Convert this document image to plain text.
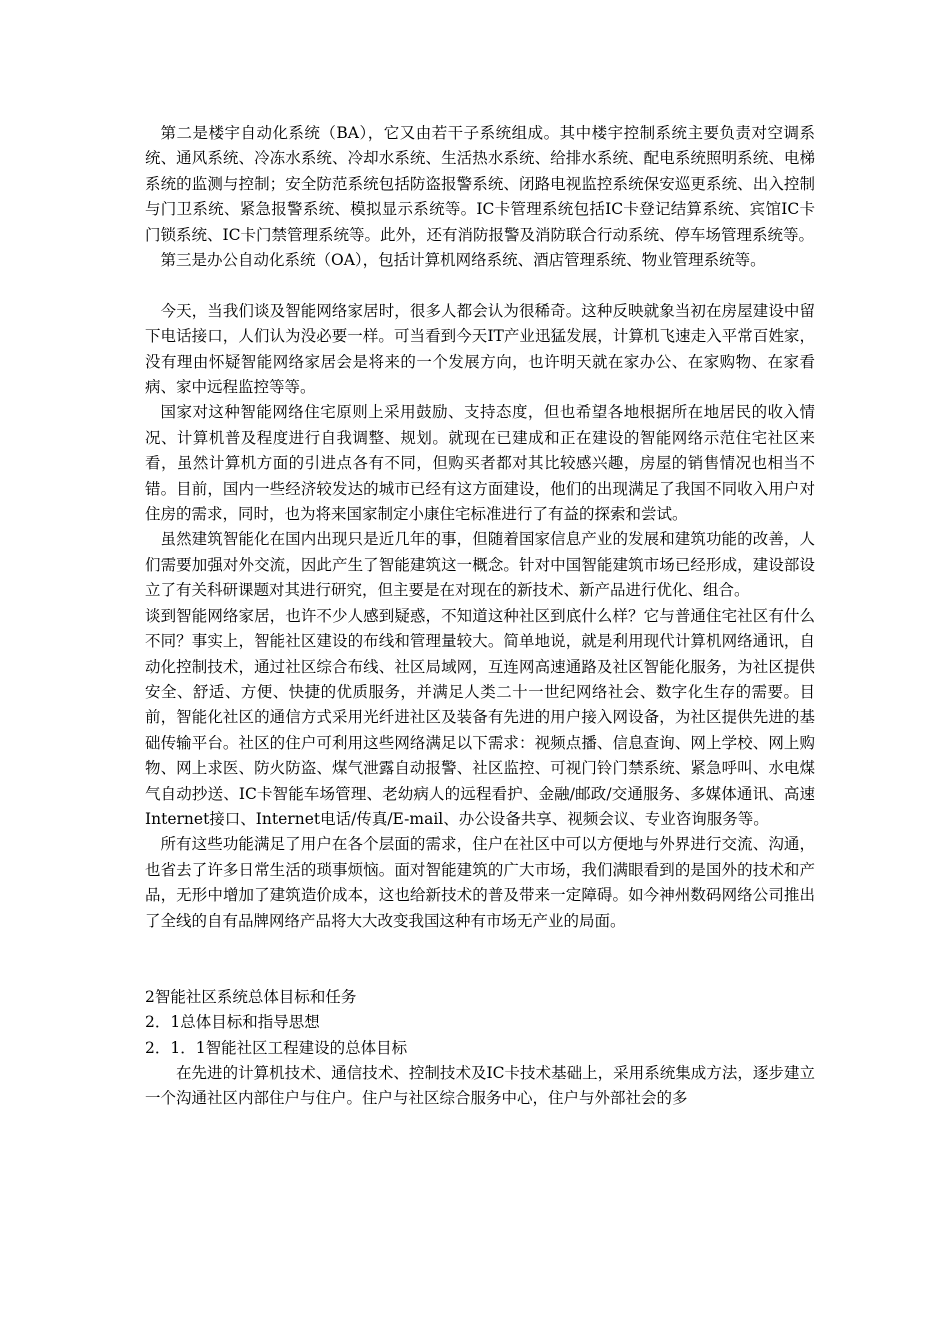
第二是楼宇自动化系统（BA），它又由若干子系统组成。其中楼宇控制系统主要负责对空调系统、通风系统、冷冻水系统、冷却水系统、生活热水系统、给排水系统、配电系统照明系统、电梯系统的监测与控制；安全防范系统包括防盗报警系统、闭路电视监控系统保安巡更系统、出入控制与门卫系统、紧急报警系统、模拟显示系统等。IC卡管理系统包括IC卡登记结算系统、宾馆IC卡门锁系统、IC卡门禁管理系统等。此外，还有消防报警及消防联合行动系统、停车场管理系统等。

第三是办公自动化系统（OA），包括计算机网络系统、酒店管理系统、物业管理系统等。

今天，当我们谈及智能网络家居时，很多人都会认为很稀奇。这种反映就象当初在房屋建设中留下电话接口，人们认为没必要一样。可当看到今天IT产业迅猛发展，计算机飞速走入平常百姓家，没有理由怀疑智能网络家居会是将来的一个发展方向，也许明天就在家办公、在家购物、在家看病、家中远程监控等等。

国家对这种智能网络住宅原则上采用鼓励、支持态度，但也希望各地根据所在地居民的收入情况、计算机普及程度进行自我调整、规划。就现在已建成和正在建设的智能网络示范住宅社区来看，虽然计算机方面的引进点各有不同，但购买者都对其比较感兴趣，房屋的销售情况也相当不错。目前，国内一些经济较发达的城市已经有这方面建设，他们的出现满足了我国不同收入用户对住房的需求，同时，也为将来国家制定小康住宅标准进行了有益的探索和尝试。

虽然建筑智能化在国内出现只是近几年的事，但随着国家信息产业的发展和建筑功能的改善，人们需要加强对外交流，因此产生了智能建筑这一概念。针对中国智能建筑市场已经形成，建设部设立了有关科研课题对其进行研究，但主要是在对现在的新技术、新产品进行优化、组合。

谈到智能网络家居，也许不少人感到疑惑，不知道这种社区到底什么样？它与普通住宅社区有什么不同？事实上，智能社区建设的布线和管理量较大。简单地说，就是利用现代计算机网络通讯，自动化控制技术，通过社区综合布线、社区局域网，互连网高速通路及社区智能化服务，为社区提供安全、舒适、方便、快捷的优质服务，并满足人类二十一世纪网络社会、数字化生存的需要。目前，智能化社区的通信方式采用光纤进社区及装备有先进的用户接入网设备，为社区提供先进的基础传输平台。社区的住户可利用这些网络满足以下需求：视频点播、信息查询、网上学校、网上购物、网上求医、防火防盗、煤气泄露自动报警、社区监控、可视门铃门禁系统、紧急呼叫、水电煤气自动抄送、IC卡智能车场管理、老幼病人的远程看护、金融/邮政/交通服务、多媒体通讯、高速Internet接口、Internet电话/传真/E-mail、办公设备共享、视频会议、专业咨询服务等。

所有这些功能满足了用户在各个层面的需求，住户在社区中可以方便地与外界进行交流、沟通，也省去了许多日常生活的琐事烦恼。面对智能建筑的广大市场，我们满眼看到的是国外的技术和产品，无形中增加了建筑造价成本，这也给新技术的普及带来一定障碍。如今神州数码网络公司推出了全线的自有品牌网络产品将大大改变我国这种有市场无产业的局面。

2智能社区系统总体目标和任务

2．1总体目标和指导思想

2．1．1智能社区工程建设的总体目标

在先进的计算机技术、通信技术、控制技术及IC卡技术基础上，采用系统集成方法，逐步建立一个沟通社区内部住户与住户。住户与社区综合服务中心，住户与外部社会的多
